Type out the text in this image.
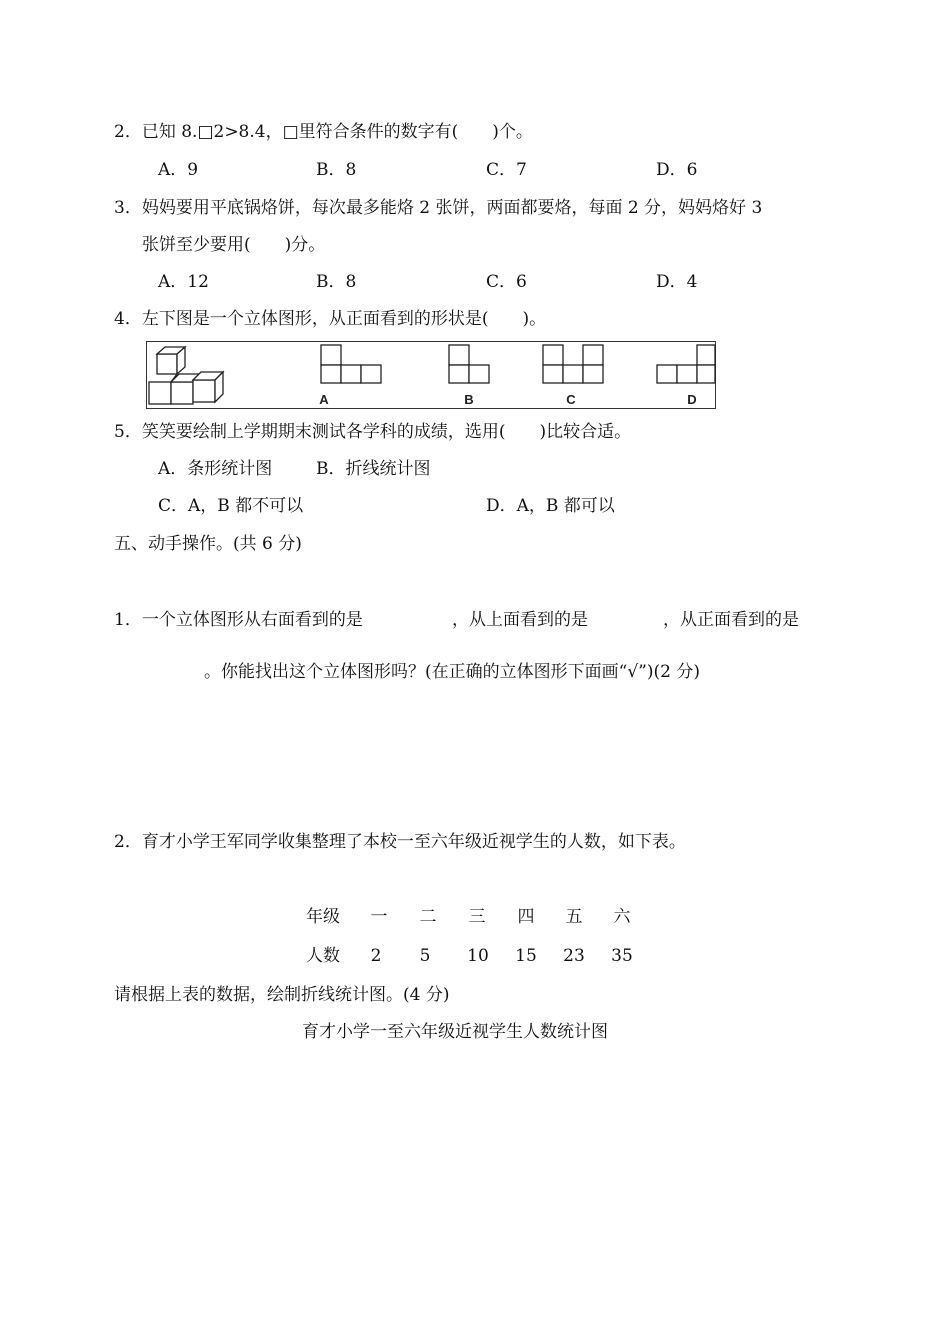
2．已知 8.□2>8.4，□里符合条件的数字有(　　)个。
A．9	B．8	C．7	D．6
3．妈妈要用平底锅烙饼，每次最多能烙 2 张饼，两面都要烙，每面 2 分，妈妈烙好 3
张饼至少要用(　　)分。
A．12	B．8	C．6	D．4
4．左下图是一个立体图形，从正面看到的形状是(　　)。
A	B	C	D
5．笑笑要绘制上学期期末测试各学科的成绩，选用(　　)比较合适。
A．条形统计图	B．折线统计图
C．A，B 都不可以	D．A，B 都可以
五、动手操作。(共 6 分)
1．一个立体图形从右面看到的是	，从上面看到的是	，从正面看到的是
。你能找出这个立体图形吗？(在正确的立体图形下面画“√”)(2 分)
2．育才小学王军同学收集整理了本校一至六年级近视学生的人数，如下表。
年级	一	二	三	四	五	六
人数	2	5	10	15	23	35
请根据上表的数据，绘制折线统计图。(4 分)
育才小学一至六年级近视学生人数统计图
